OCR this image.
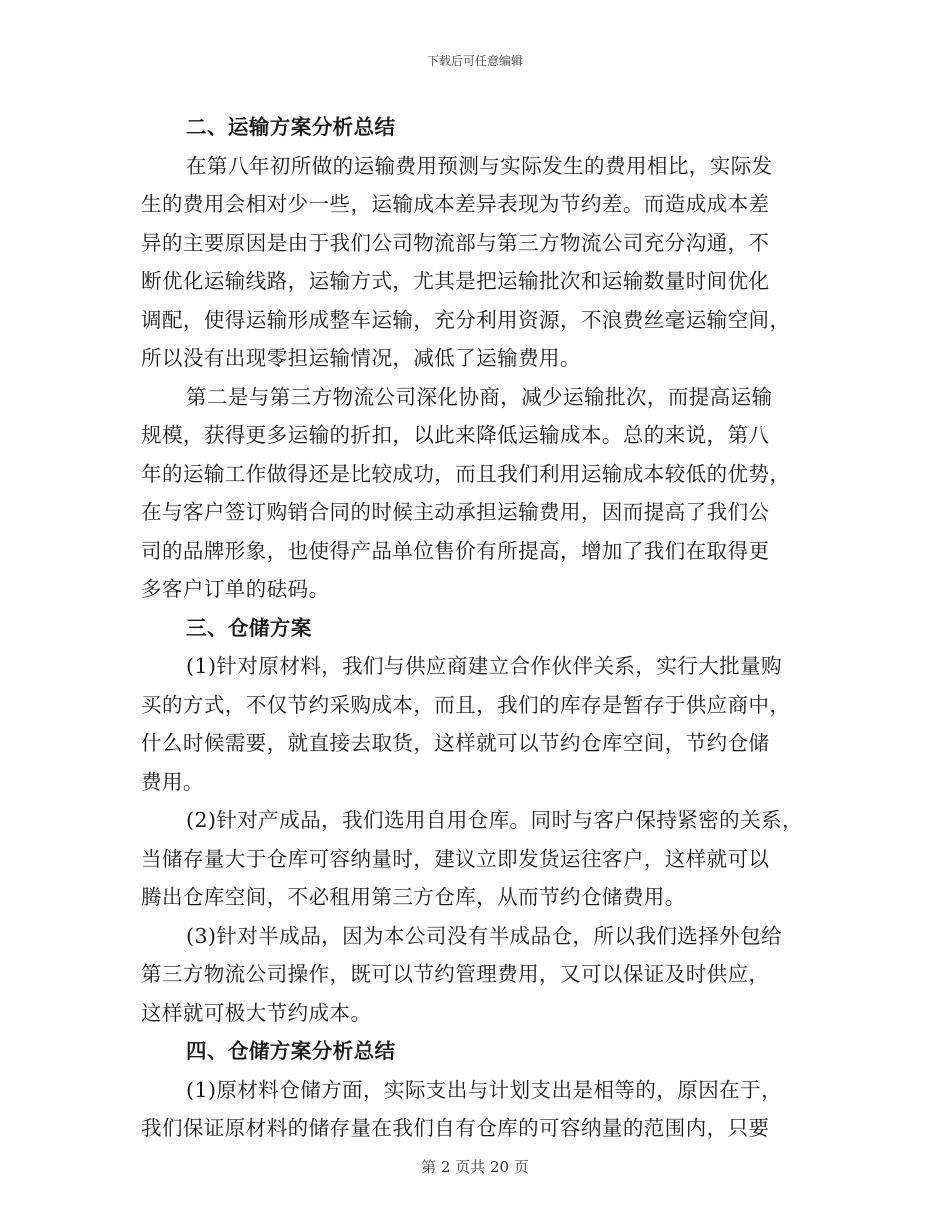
下载后可任意编辑
二、运输方案分析总结
在第八年初所做的运输费用预测与实际发生的费用相比，实际发
生的费用会相对少一些，运输成本差异表现为节约差。而造成成本差
异的主要原因是由于我们公司物流部与第三方物流公司充分沟通，不
断优化运输线路，运输方式，尤其是把运输批次和运输数量时间优化
调配，使得运输形成整车运输，充分利用资源，不浪费丝毫运输空间，
所以没有出现零担运输情况，减低了运输费用。
第二是与第三方物流公司深化协商，减少运输批次，而提高运输
规模，获得更多运输的折扣，以此来降低运输成本。总的来说，第八
年的运输工作做得还是比较成功，而且我们利用运输成本较低的优势，
在与客户签订购销合同的时候主动承担运输费用，因而提高了我们公
司的品牌形象，也使得产品单位售价有所提高，增加了我们在取得更
多客户订单的砝码。
三、仓储方案
(1)针对原材料，我们与供应商建立合作伙伴关系，实行大批量购
买的方式，不仅节约采购成本，而且，我们的库存是暂存于供应商中，
什么时候需要，就直接去取货，这样就可以节约仓库空间，节约仓储
费用。
(2)针对产成品，我们选用自用仓库。同时与客户保持紧密的关系，
当储存量大于仓库可容纳量时，建议立即发货运往客户，这样就可以
腾出仓库空间，不必租用第三方仓库，从而节约仓储费用。
(3)针对半成品，因为本公司没有半成品仓，所以我们选择外包给
第三方物流公司操作，既可以节约管理费用，又可以保证及时供应，
这样就可极大节约成本。
四、仓储方案分析总结
(1)原材料仓储方面，实际支出与计划支出是相等的，原因在于，
我们保证原材料的储存量在我们自有仓库的可容纳量的范围内，只要
第 2 页共 20 页
